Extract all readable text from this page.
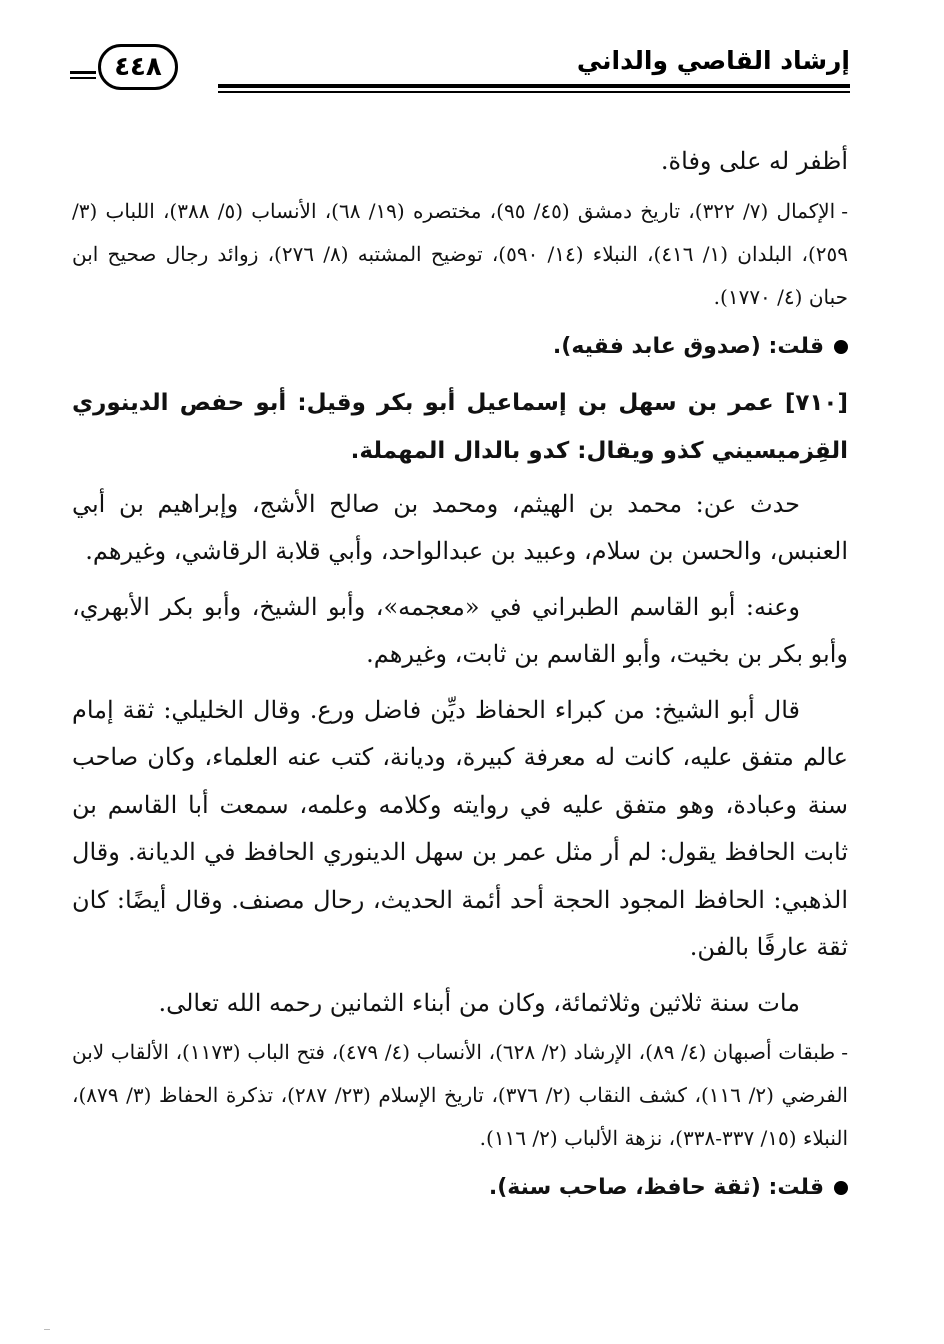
إرشاد القاصي والداني
٤٤٨

أظفر له على وفاة.

-الإكمال (٧/ ٣٢٢)، تاريخ دمشق (٤٥/ ٩٥)، مختصره (١٩/ ٦٨)، الأنساب (٥/ ٣٨٨)، اللباب (٣/ ٢٥٩)، البلدان (١/ ٤١٦)، النبلاء (١٤/ ٥٩٠)، توضيح المشتبه (٨/ ٢٧٦)، زوائد رجال صحيح ابن حبان (٤/ ١٧٧٠).

قلت: (صدوق عابد فقيه).

[٧١٠] عمر بن سهل بن إسماعيل أبو بكر وقيل: أبو حفص الدينوري القِزميسيني كذو ويقال: كدو بالدال المهملة.

حدث عن: محمد بن الهيثم، ومحمد بن صالح الأشج، وإبراهيم بن أبي العنبس، والحسن بن سلام، وعبيد بن عبدالواحد، وأبي قلابة الرقاشي، وغيرهم.

وعنه: أبو القاسم الطبراني في «معجمه»، وأبو الشيخ، وأبو بكر الأبهري، وأبو بكر بن بخيت، وأبو القاسم بن ثابت، وغيرهم.

قال أبو الشيخ: من كبراء الحفاظ ديِّن فاضل ورع. وقال الخليلي: ثقة إمام عالم متفق عليه، كانت له معرفة كبيرة، وديانة، كتب عنه العلماء، وكان صاحب سنة وعبادة، وهو متفق عليه في روايته وكلامه وعلمه، سمعت أبا القاسم بن ثابت الحافظ يقول: لم أر مثل عمر بن سهل الدينوري الحافظ في الديانة. وقال الذهبي: الحافظ المجود الحجة أحد أئمة الحديث، رحال مصنف. وقال أيضًا: كان ثقة عارفًا بالفن.

مات سنة ثلاثين وثلاثمائة، وكان من أبناء الثمانين رحمه الله تعالى.

-طبقات أصبهان (٤/ ٨٩)، الإرشاد (٢/ ٦٢٨)، الأنساب (٤/ ٤٧٩)، فتح الباب (١١٧٣)، الألقاب لابن الفرضي (٢/ ١١٦)، كشف النقاب (٢/ ٣٧٦)، تاريخ الإسلام (٢٣/ ٢٨٧)، تذكرة الحفاظ (٣/ ٨٧٩)، النبلاء (١٥/ ٣٣٧-٣٣٨)، نزهة الألباب (٢/ ١١٦).

قلت: (ثقة حافظ، صاحب سنة).
